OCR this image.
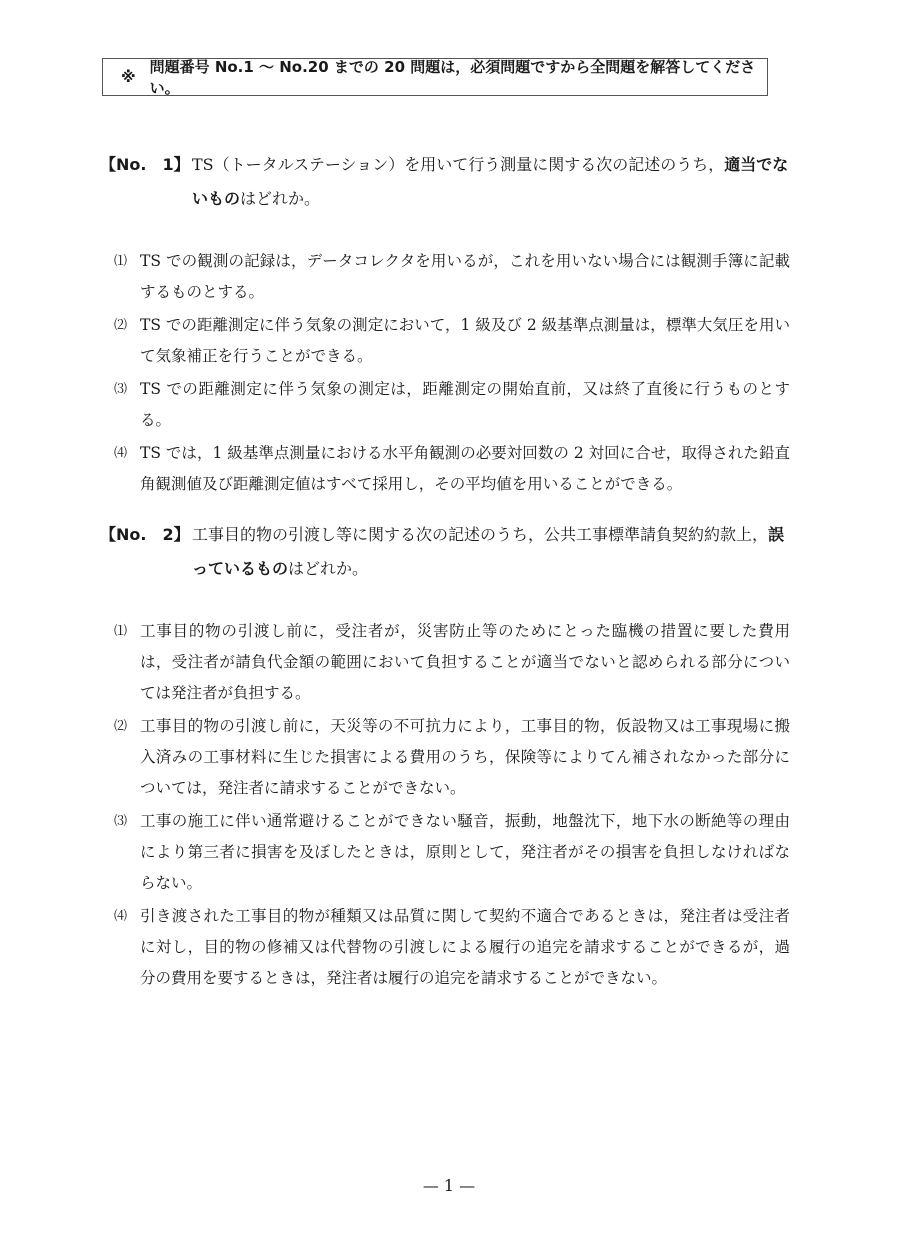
※
問題番号 No.1 ～ No.20 までの 20 問題は，必須問題ですから全問題を解答してください。
【No.　1】 TS（トータルステーション）を用いて行う測量に関する次の記述のうち，適当でないものはどれか。
⑴ TS での観測の記録は，データコレクタを用いるが，これを用いない場合には観測手簿に記載するものとする。
⑵ TS での距離測定に伴う気象の測定において，1 級及び 2 級基準点測量は，標準大気圧を用いて気象補正を行うことができる。
⑶ TS での距離測定に伴う気象の測定は，距離測定の開始直前，又は終了直後に行うものとする。
⑷ TS では，1 級基準点測量における水平角観測の必要対回数の 2 対回に合せ，取得された鉛直角観測値及び距離測定値はすべて採用し，その平均値を用いることができる。
【No.　2】 工事目的物の引渡し等に関する次の記述のうち，公共工事標準請負契約約款上，誤っているものはどれか。
⑴ 工事目的物の引渡し前に，受注者が，災害防止等のためにとった臨機の措置に要した費用は，受注者が請負代金額の範囲において負担することが適当でないと認められる部分については発注者が負担する。
⑵ 工事目的物の引渡し前に，天災等の不可抗力により，工事目的物，仮設物又は工事現場に搬入済みの工事材料に生じた損害による費用のうち，保険等によりてん補されなかった部分については，発注者に請求することができない。
⑶ 工事の施工に伴い通常避けることができない騒音，振動，地盤沈下，地下水の断絶等の理由により第三者に損害を及ぼしたときは，原則として，発注者がその損害を負担しなければならない。
⑷ 引き渡された工事目的物が種類又は品質に関して契約不適合であるときは，発注者は受注者に対し，目的物の修補又は代替物の引渡しによる履行の追完を請求することができるが，過分の費用を要するときは，発注者は履行の追完を請求することができない。
— 1 —
